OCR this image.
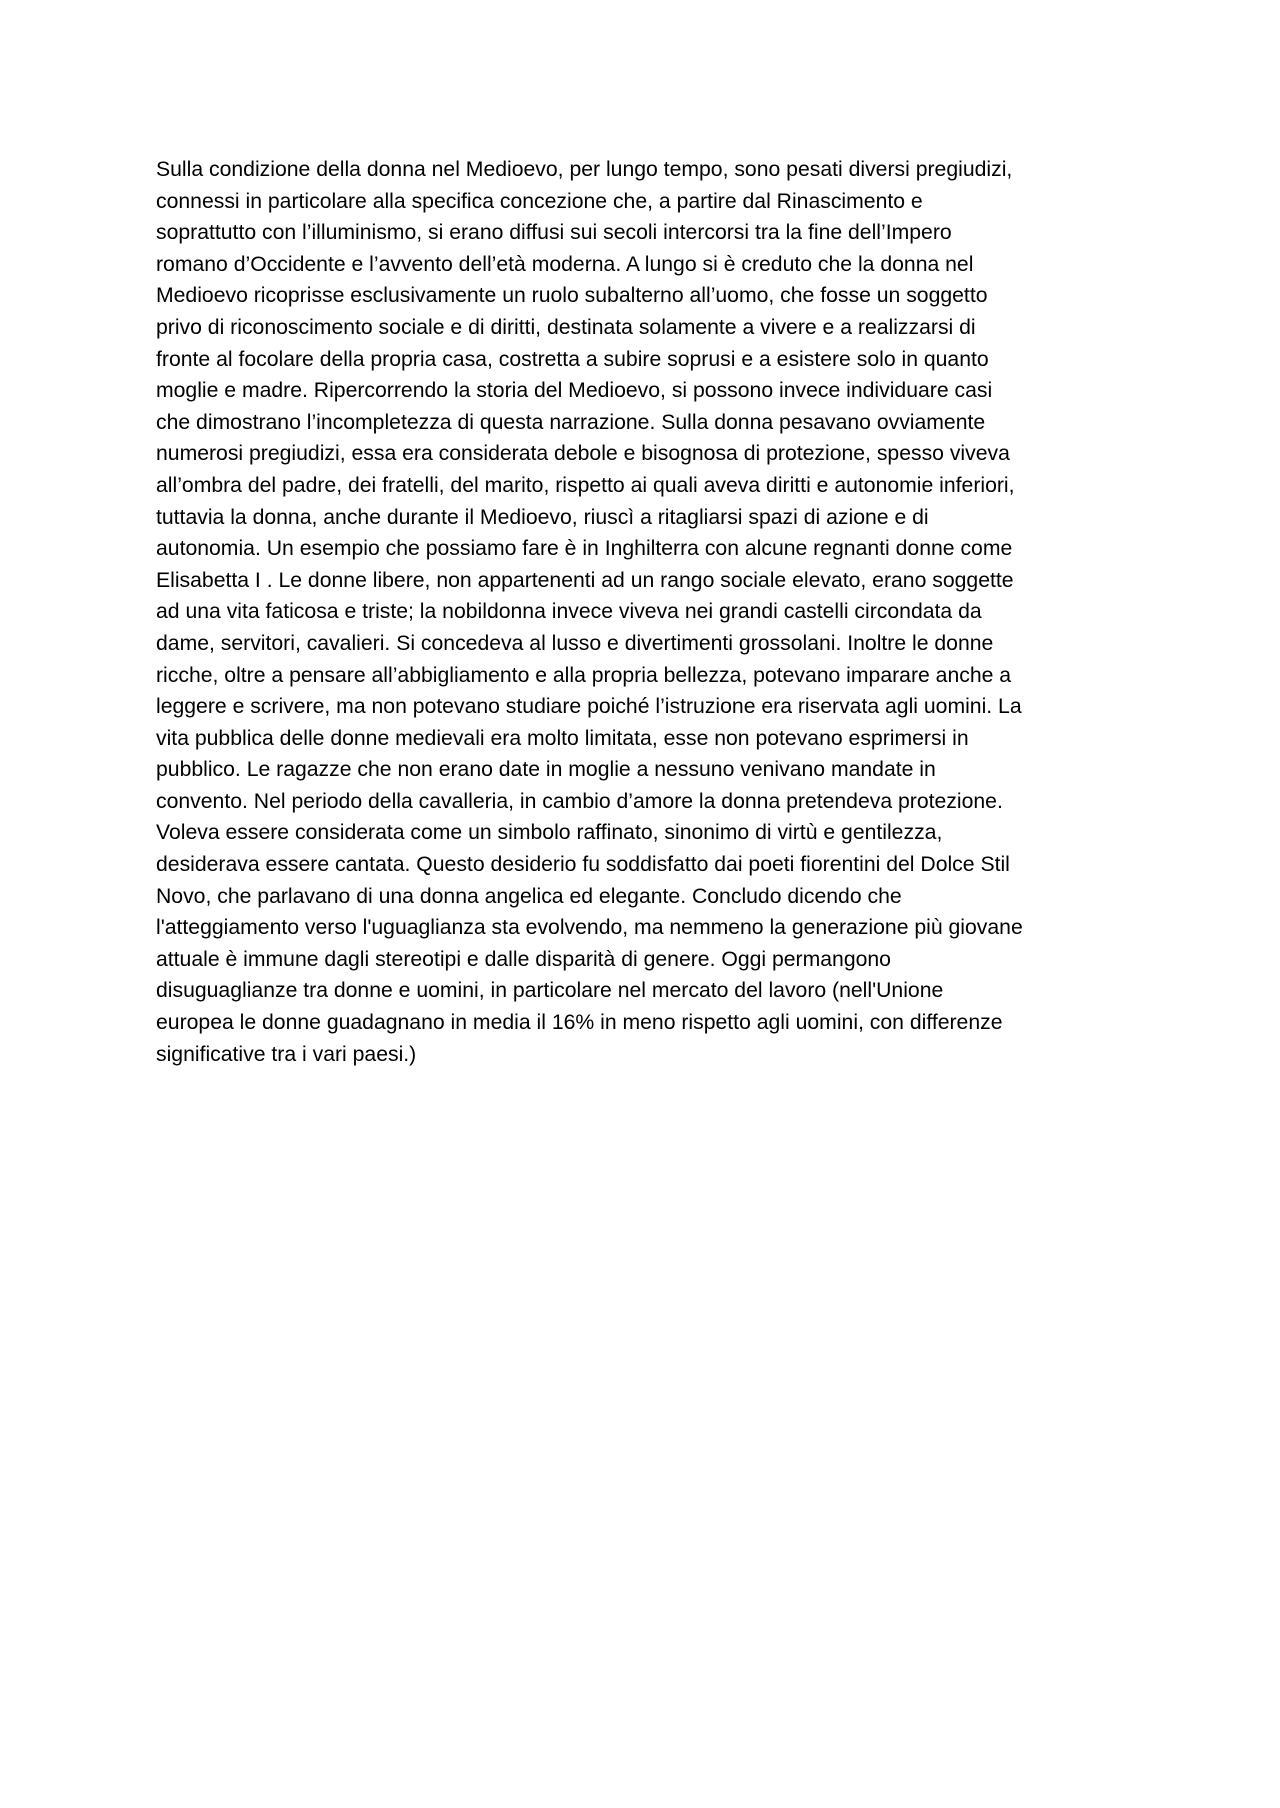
Sulla condizione della donna nel Medioevo, per lungo tempo, sono pesati diversi pregiudizi,
connessi in particolare alla specifica concezione che, a partire dal Rinascimento e
soprattutto con l’illuminismo, si erano diffusi sui secoli intercorsi tra la fine dell’Impero
romano d’Occidente e l’avvento dell’età moderna. A lungo si è creduto che la donna nel
Medioevo ricoprisse esclusivamente un ruolo subalterno all’uomo, che fosse un soggetto
privo di riconoscimento sociale e di diritti, destinata solamente a vivere e a realizzarsi di
fronte al focolare della propria casa, costretta a subire soprusi e a esistere solo in quanto
moglie e madre. Ripercorrendo la storia del Medioevo, si possono invece individuare casi
che dimostrano l’incompletezza di questa narrazione. Sulla donna pesavano ovviamente
numerosi pregiudizi, essa era considerata debole e bisognosa di protezione, spesso viveva
all’ombra del padre, dei fratelli, del marito, rispetto ai quali aveva diritti e autonomie inferiori,
tuttavia la donna, anche durante il Medioevo, riuscì a ritagliarsi spazi di azione e di
autonomia. Un esempio che possiamo fare è in Inghilterra con alcune regnanti donne come
Elisabetta I . Le donne libere, non appartenenti ad un rango sociale elevato, erano soggette
ad una vita faticosa e triste; la nobildonna invece viveva nei grandi castelli circondata da
dame, servitori, cavalieri. Si concedeva al lusso e divertimenti grossolani. Inoltre le donne
ricche, oltre a pensare all’abbigliamento e alla propria bellezza, potevano imparare anche a
leggere e scrivere, ma non potevano studiare poiché l’istruzione era riservata agli uomini. La
vita pubblica delle donne medievali era molto limitata, esse non potevano esprimersi in
pubblico. Le ragazze che non erano date in moglie a nessuno venivano mandate in
convento. Nel periodo della cavalleria, in cambio d’amore la donna pretendeva protezione.
Voleva essere considerata come un simbolo raffinato, sinonimo di virtù e gentilezza,
desiderava essere cantata. Questo desiderio fu soddisfatto dai poeti fiorentini del Dolce Stil
Novo, che parlavano di una donna angelica ed elegante. Concludo dicendo che
l'atteggiamento verso l'uguaglianza sta evolvendo, ma nemmeno la generazione più giovane
attuale è immune dagli stereotipi e dalle disparità di genere. Oggi permangono
disuguaglianze tra donne e uomini, in particolare nel mercato del lavoro (nell'Unione
europea le donne guadagnano in media il 16% in meno rispetto agli uomini, con differenze
significative tra i vari paesi.)
